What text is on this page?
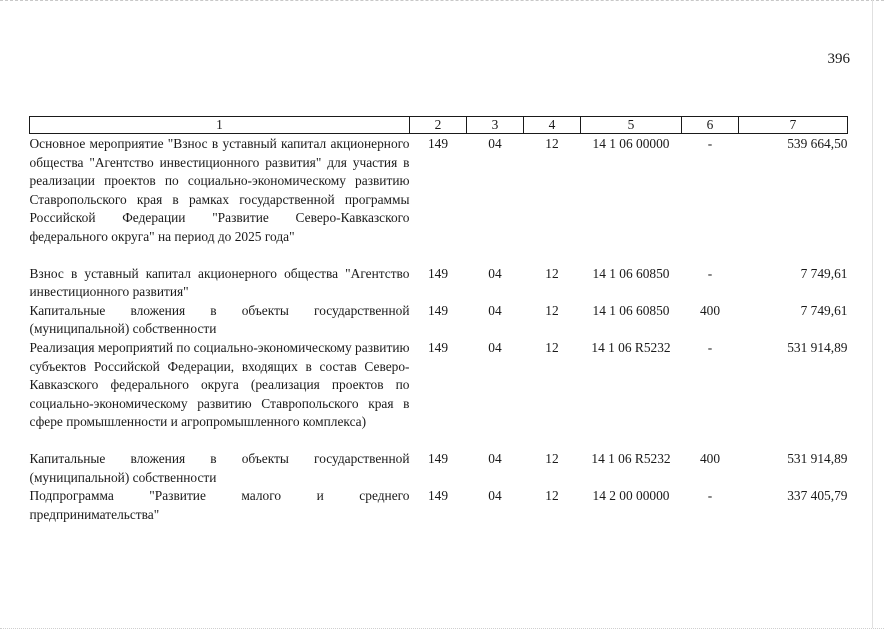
396
1	2	3	4	5	6	7
Основное мероприятие "Взнос в уставный капитал акционерного общества "Агентство инвестиционного развития" для участия в реализации проектов по социально-экономическому развитию Ставропольского края в рамках государственной программы Российской Федерации "Развитие Северо-Кавказского федерального округа" на период до 2025 года"	149	04	12	14 1 06 00000	-	539 664,50
Взнос в уставный капитал акционерного общества "Агентство инвестиционного развития"	149	04	12	14 1 06 60850	-	7 749,61
Капитальные вложения в объекты государственной (муниципальной) собственности	149	04	12	14 1 06 60850	400	7 749,61
Реализация мероприятий по социально-экономическому развитию субъектов Российской Федерации, входящих в состав Северо-Кавказского федерального округа (реализация проектов по социально-экономическому развитию Ставропольского края в сфере промышленности и агропромышленного комплекса)	149	04	12	14 1 06 R5232	-	531 914,89
Капитальные вложения в объекты государственной (муниципальной) собственности	149	04	12	14 1 06 R5232	400	531 914,89
Подпрограмма "Развитие малого и среднего предпринимательства"	149	04	12	14 2 00 00000	-	337 405,79
